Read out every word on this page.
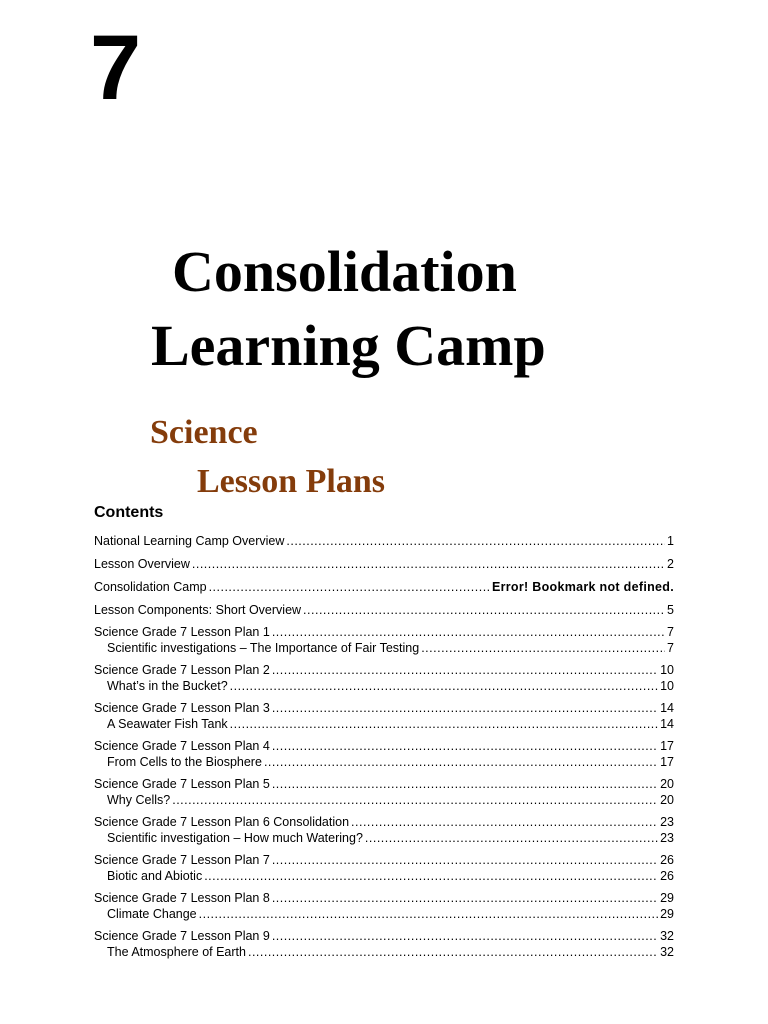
7
Consolidation
Learning Camp
Science
Lesson Plans
Contents
National Learning Camp Overview .....	1
Lesson Overview .....	2
Consolidation Camp .....	Error! Bookmark not defined.
Lesson Components: Short Overview .....	5
Science Grade 7 Lesson Plan 1 .....	7
Scientific investigations – The Importance of Fair Testing .....	7
Science Grade 7 Lesson Plan 2 .....	10
What’s in the Bucket? .....	10
Science Grade 7 Lesson Plan 3 .....	14
A Seawater Fish Tank .....	14
Science Grade 7 Lesson Plan 4 .....	17
From Cells to the Biosphere .....	17
Science Grade 7 Lesson Plan 5 .....	20
Why Cells? .....	20
Science Grade 7 Lesson Plan 6 Consolidation .....	23
Scientific investigation – How much Watering? .....	23
Science Grade 7 Lesson Plan 7 .....	26
Biotic and Abiotic .....	26
Science Grade 7 Lesson Plan 8 .....	29
Climate Change .....	29
Science Grade 7 Lesson Plan 9 .....	32
The Atmosphere of Earth .....	32
